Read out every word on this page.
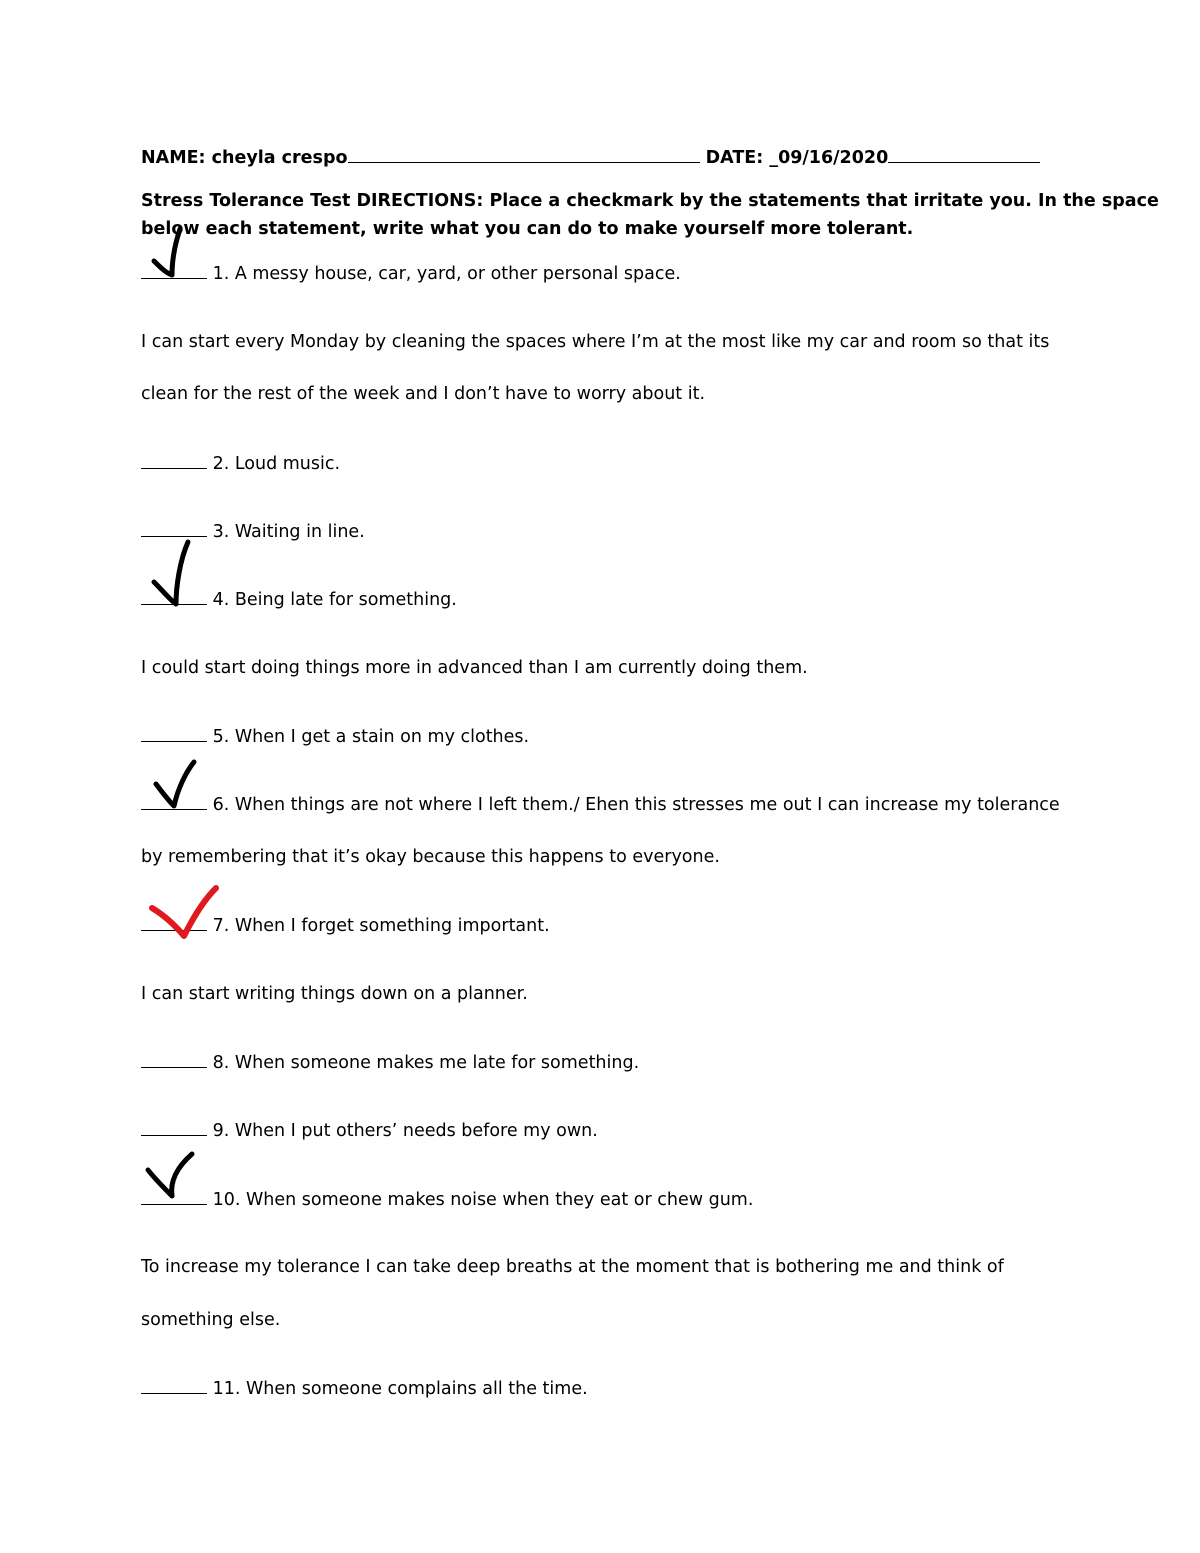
NAME: cheyla crespo	DATE: _09/16/2020
Stress Tolerance Test DIRECTIONS: Place a checkmark by the statements that irritate you. In the space
below each statement, write what you can do to make yourself more tolerant.
1. A messy house, car, yard, or other personal space.
I can start every Monday by cleaning the spaces where I’m at the most like my car and room so that its
clean for the rest of the week and I don’t have to worry about it.
2. Loud music.
3. Waiting in line.
4. Being late for something.
I could start doing things more in advanced than I am currently doing them.
5. When I get a stain on my clothes.
6. When things are not where I left them./ Ehen this stresses me out I can increase my tolerance
by remembering that it’s okay because this happens to everyone.
7. When I forget something important.
I can start writing things down on a planner.
8. When someone makes me late for something.
9. When I put others’ needs before my own.
10. When someone makes noise when they eat or chew gum.
To increase my tolerance I can take deep breaths at the moment that is bothering me and think of
something else.
11. When someone complains all the time.
